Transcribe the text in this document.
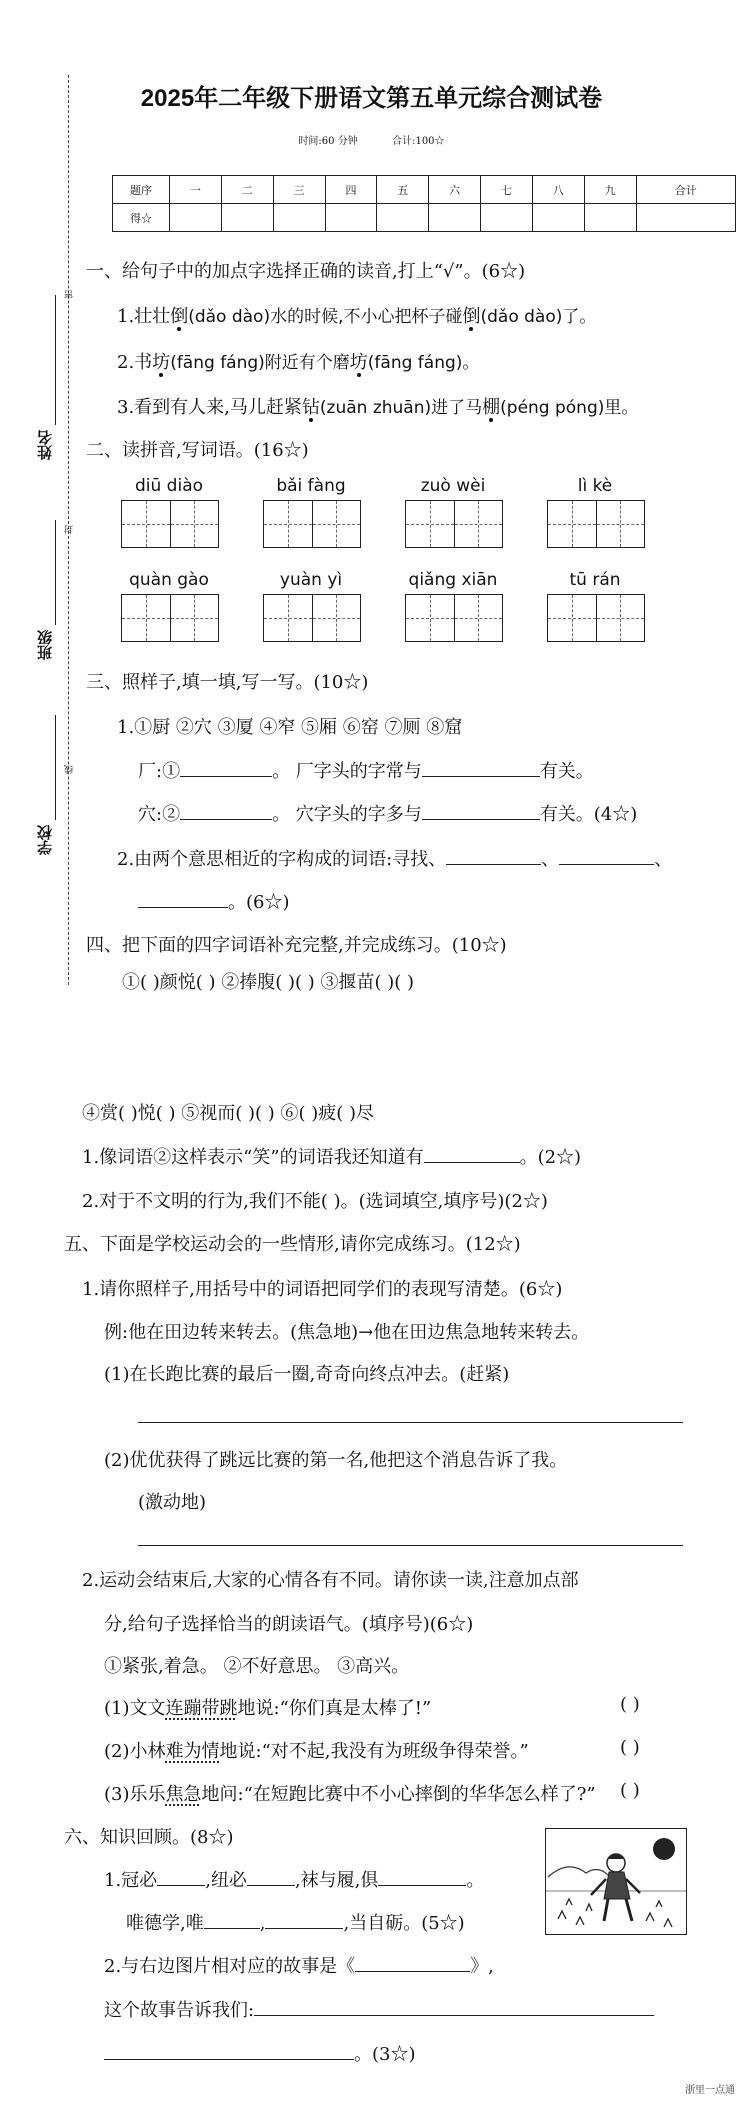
密
封
线
姓名
班级
学校
2025年二年级下册语文第五单元综合测试卷
时间:60 分钟	合计:100☆
题序	一	二	三	四	五	六	七	八	九	合计
得☆										
一、给句子中的加点字选择正确的读音,打上“√”。(6☆)
1.壮壮倒(dǎo dào)水的时候,不小心把杯子碰倒(dǎo dào)了。
2.书坊(fāng fáng)附近有个磨坊(fāng fáng)。
3.看到有人来,马儿赶紧钻(zuān zhuān)进了马棚(péng póng)里。
二、读拼音,写词语。(16☆)
diū diào	bǎi fàng	zuò wèi	lì kè
quàn gào	yuàn yì	qiǎng xiān	tū rán
三、照样子,填一填,写一写。(10☆)
1.①厨 ②穴 ③厦 ④窄 ⑤厢 ⑥窑 ⑦厕 ⑧窟
厂:①	。 厂字头的字常与	有关。
穴:②	。 穴字头的字多与	有关。(4☆)
2.由两个意思相近的字构成的词语:寻找、	、	、
。(6☆)
四、把下面的四字词语补充完整,并完成练习。(10☆)
①( )颜悦( ) ②捧腹( )( ) ③揠苗( )( )
④赏( )悦( ) ⑤视而( )( ) ⑥( )疲( )尽
1.像词语②这样表示“笑”的词语我还知道有	。(2☆)
2.对于不文明的行为,我们不能( )。(选词填空,填序号)(2☆)
五、下面是学校运动会的一些情形,请你完成练习。(12☆)
1.请你照样子,用括号中的词语把同学们的表现写清楚。(6☆)
例:他在田边转来转去。(焦急地)→他在田边焦急地转来转去。
(1)在长跑比赛的最后一圈,奇奇向终点冲去。(赶紧)
(2)优优获得了跳远比赛的第一名,他把这个消息告诉了我。
(激动地)
2.运动会结束后,大家的心情各有不同。请你读一读,注意加点部
分,给句子选择恰当的朗读语气。(填序号)(6☆)
①紧张,着急。 ②不好意思。 ③高兴。
(1)文文连蹦带跳地说:“你们真是太棒了!”	( )
(2)小林难为情地说:“对不起,我没有为班级争得荣誉。”	( )
(3)乐乐焦急地问:“在短跑比赛中不小心摔倒的华华怎么样了?” ( )
六、知识回顾。(8☆)
1.冠必	,纽必	,袜与履,俱	。
唯德学,唯	,	,当自砺。(5☆)
2.与右边图片相对应的故事是《	》,
这个故事告诉我们:
。(3☆)
浙里一点通
